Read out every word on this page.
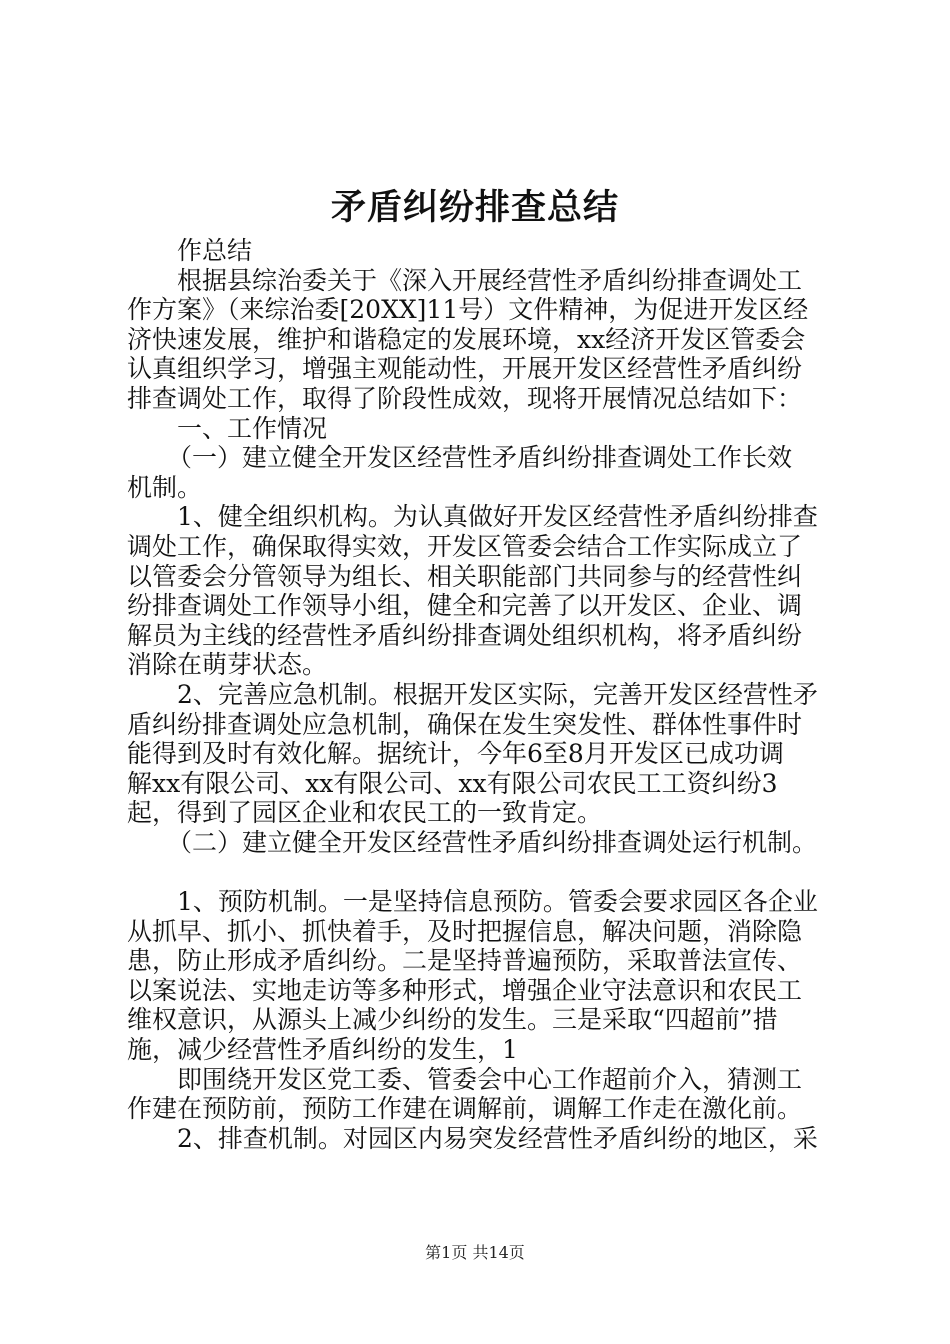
矛盾纠纷排查总结
作总结
根据县综治委关于《深入开展经营性矛盾纠纷排查调处工
作方案》（来综治委[20XX]11号）文件精神，为促进开发区经
济快速发展，维护和谐稳定的发展环境，xx经济开发区管委会
认真组织学习，增强主观能动性，开展开发区经营性矛盾纠纷
排查调处工作，取得了阶段性成效，现将开展情况总结如下：
一、工作情况
（一）建立健全开发区经营性矛盾纠纷排查调处工作长效
机制。
1、健全组织机构。为认真做好开发区经营性矛盾纠纷排查
调处工作，确保取得实效，开发区管委会结合工作实际成立了
以管委会分管领导为组长、相关职能部门共同参与的经营性纠
纷排查调处工作领导小组，健全和完善了以开发区、企业、调
解员为主线的经营性矛盾纠纷排查调处组织机构，将矛盾纠纷
消除在萌芽状态。
2、完善应急机制。根据开发区实际，完善开发区经营性矛
盾纠纷排查调处应急机制，确保在发生突发性、群体性事件时
能得到及时有效化解。据统计，今年6至8月开发区已成功调
解xx有限公司、xx有限公司、xx有限公司农民工工资纠纷3
起，得到了园区企业和农民工的一致肯定。
（二）建立健全开发区经营性矛盾纠纷排查调处运行机制。
1、预防机制。一是坚持信息预防。管委会要求园区各企业
从抓早、抓小、抓快着手，及时把握信息，解决问题，消除隐
患，防止形成矛盾纠纷。二是坚持普遍预防，采取普法宣传、
以案说法、实地走访等多种形式，增强企业守法意识和农民工
维权意识，从源头上减少纠纷的发生。三是采取“四超前”措
施，减少经营性矛盾纠纷的发生，1
即围绕开发区党工委、管委会中心工作超前介入，猜测工
作建在预防前，预防工作建在调解前，调解工作走在激化前。
2、排查机制。对园区内易突发经营性矛盾纠纷的地区，采
第1页 共14页
